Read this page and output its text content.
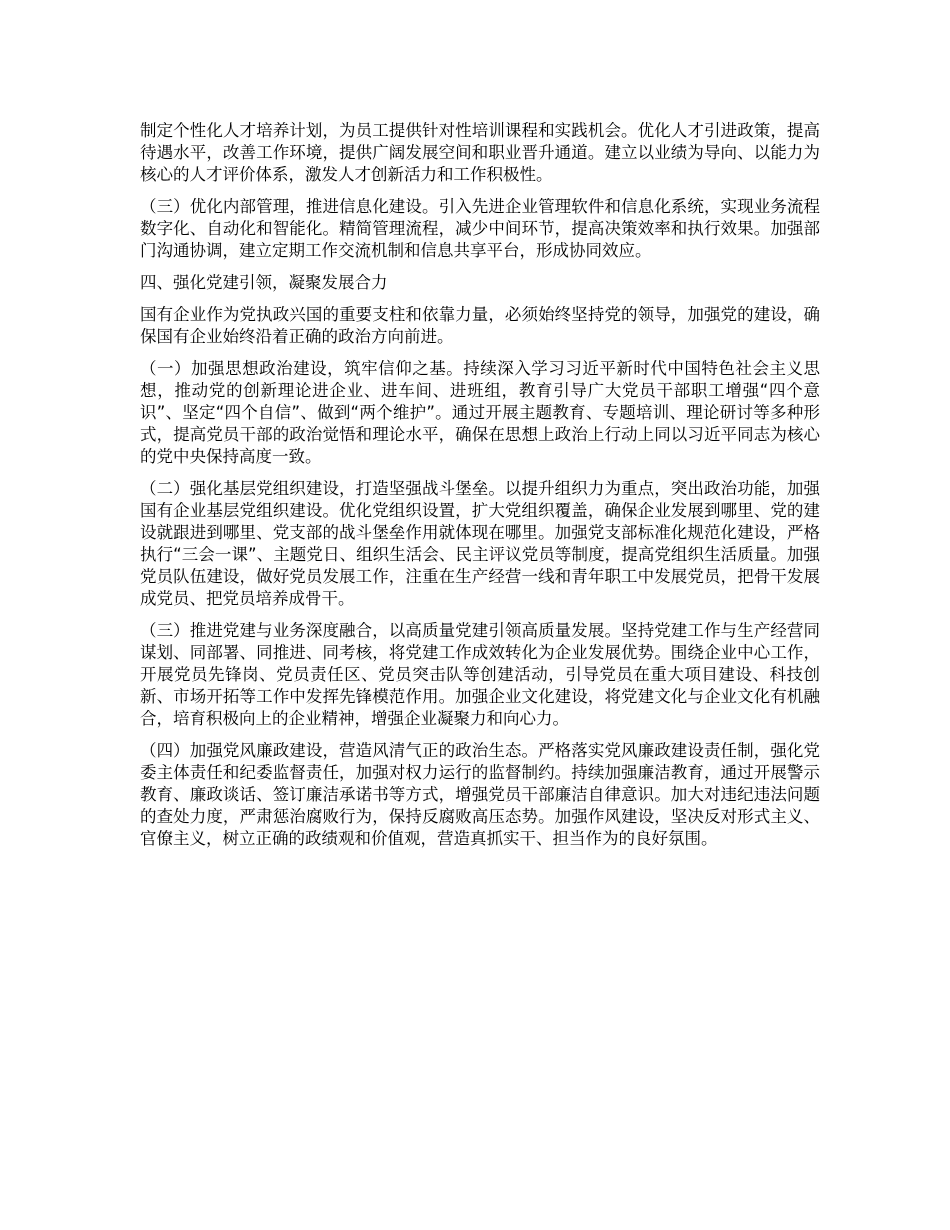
制定个性化人才培养计划，为员工提供针对性培训课程和实践机会。优化人才引进政策，提高待遇水平，改善工作环境，提供广阔发展空间和职业晋升通道。建立以业绩为导向、以能力为核心的人才评价体系，激发人才创新活力和工作积极性。

（三）优化内部管理，推进信息化建设。引入先进企业管理软件和信息化系统，实现业务流程数字化、自动化和智能化。精简管理流程，减少中间环节，提高决策效率和执行效果。加强部门沟通协调，建立定期工作交流机制和信息共享平台，形成协同效应。

四、强化党建引领，凝聚发展合力

国有企业作为党执政兴国的重要支柱和依靠力量，必须始终坚持党的领导，加强党的建设，确保国有企业始终沿着正确的政治方向前进。

（一）加强思想政治建设，筑牢信仰之基。持续深入学习习近平新时代中国特色社会主义思想，推动党的创新理论进企业、进车间、进班组，教育引导广大党员干部职工增强“四个意识”、坚定“四个自信”、做到“两个维护”。通过开展主题教育、专题培训、理论研讨等多种形式，提高党员干部的政治觉悟和理论水平，确保在思想上政治上行动上同以习近平同志为核心的党中央保持高度一致。

（二）强化基层党组织建设，打造坚强战斗堡垒。以提升组织力为重点，突出政治功能，加强国有企业基层党组织建设。优化党组织设置，扩大党组织覆盖，确保企业发展到哪里、党的建设就跟进到哪里、党支部的战斗堡垒作用就体现在哪里。加强党支部标准化规范化建设，严格执行“三会一课”、主题党日、组织生活会、民主评议党员等制度，提高党组织生活质量。加强党员队伍建设，做好党员发展工作，注重在生产经营一线和青年职工中发展党员，把骨干发展成党员、把党员培养成骨干。

（三）推进党建与业务深度融合，以高质量党建引领高质量发展。坚持党建工作与生产经营同谋划、同部署、同推进、同考核，将党建工作成效转化为企业发展优势。围绕企业中心工作，开展党员先锋岗、党员责任区、党员突击队等创建活动，引导党员在重大项目建设、科技创新、市场开拓等工作中发挥先锋模范作用。加强企业文化建设，将党建文化与企业文化有机融合，培育积极向上的企业精神，增强企业凝聚力和向心力。

（四）加强党风廉政建设，营造风清气正的政治生态。严格落实党风廉政建设责任制，强化党委主体责任和纪委监督责任，加强对权力运行的监督制约。持续加强廉洁教育，通过开展警示教育、廉政谈话、签订廉洁承诺书等方式，增强党员干部廉洁自律意识。加大对违纪违法问题的查处力度，严肃惩治腐败行为，保持反腐败高压态势。加强作风建设，坚决反对形式主义、官僚主义，树立正确的政绩观和价值观，营造真抓实干、担当作为的良好氛围。
